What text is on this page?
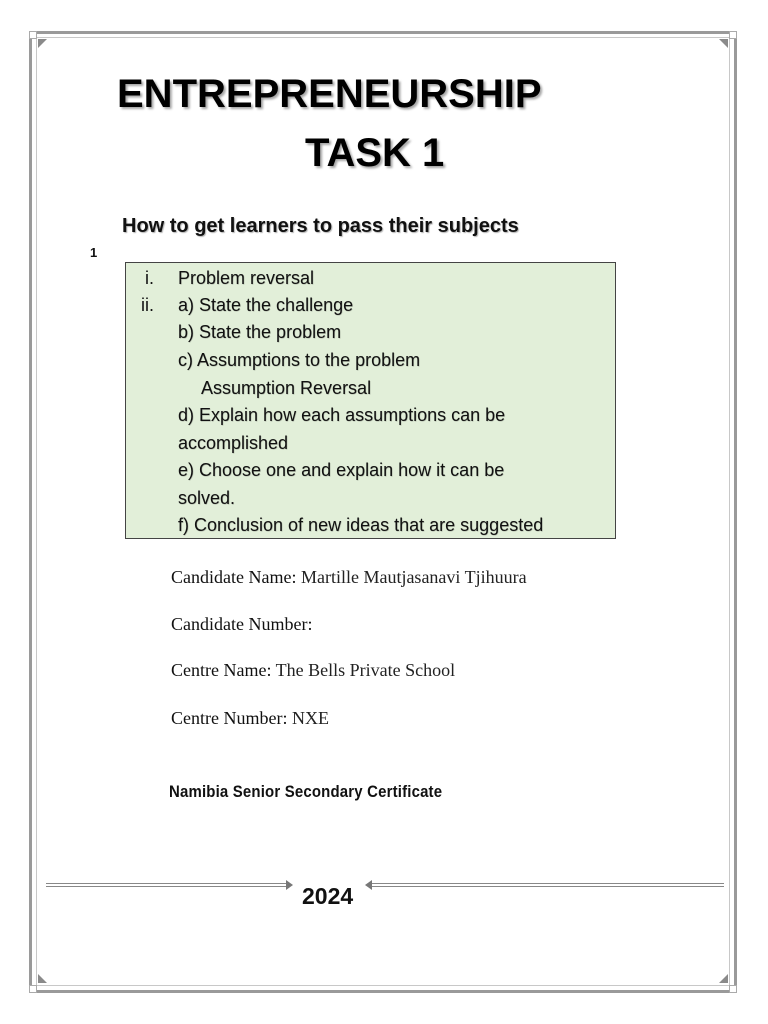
ENTREPRENEURSHIP
TASK 1
How to get learners to pass their subjects
1
i.
ii.
Problem reversal
a) State the challenge
b) State the problem
c) Assumptions to the problem
Assumption Reversal
d) Explain how each assumptions can be
accomplished
e) Choose one and explain how it can be
solved.
f) Conclusion of new ideas that are suggested
Candidate Name: Martille Mautjasanavi Tjihuura
Candidate Number:
Centre Name: The Bells Private School
Centre Number: NXE
Namibia Senior Secondary Certificate
2024
